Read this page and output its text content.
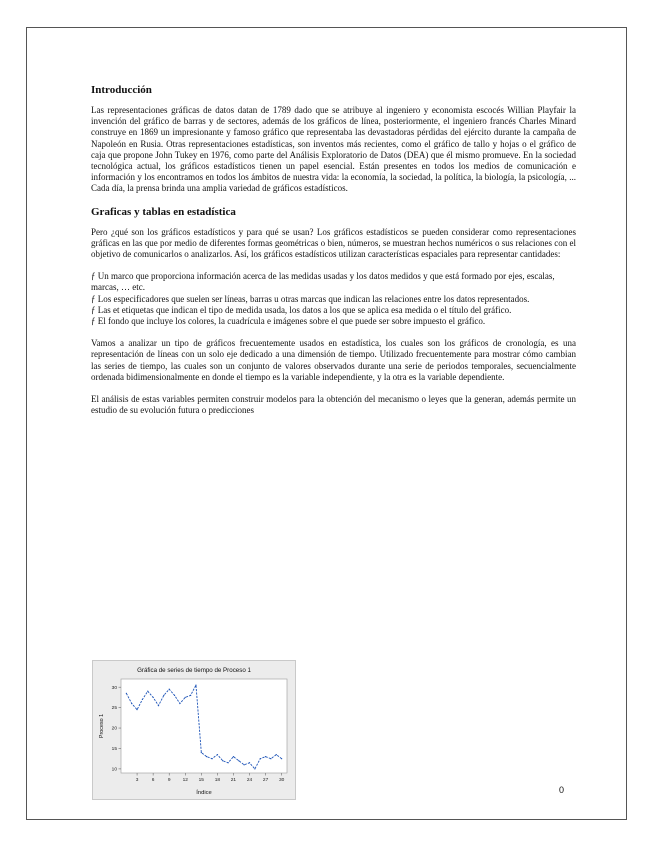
Introducción

Las representaciones gráficas de datos datan de 1789 dado que se atribuye al ingeniero y economista escocés Willian Playfair la invención del gráfico de barras y de sectores, además de los gráficos de línea, posteriormente, el ingeniero francés Charles Minard construye en 1869 un impresionante y famoso gráfico que representaba las devastadoras pérdidas del ejército durante la campaña de Napoleón en Rusia. Otras representaciones estadísticas, son inventos más recientes, como el gráfico de tallo y hojas o el gráfico de caja que propone John Tukey en 1976, como parte del Análisis Exploratorio de Datos (DEA) que él mismo promueve. En la sociedad tecnológica actual, los gráficos estadísticos tienen un papel esencial. Están presentes en todos los medios de comunicación e información y los encontramos en todos los ámbitos de nuestra vida: la economía, la sociedad, la política, la biología, la psicología, ... Cada día, la prensa brinda una amplia variedad de gráficos estadísticos.

Graficas y tablas en estadística

Pero ¿qué son los gráficos estadísticos y para qué se usan? Los gráficos estadísticos se pueden considerar como representaciones gráficas en las que por medio de diferentes formas geométricas o bien, números, se muestran hechos numéricos o sus relaciones con el objetivo de comunicarlos o analizarlos. Así, los gráficos estadísticos utilizan características espaciales para representar cantidades:

ƒ Un marco que proporciona información acerca de las medidas usadas y los datos medidos y que está formado por ejes, escalas, marcas, … etc.

ƒ Los especificadores que suelen ser líneas, barras u otras marcas que indican las relaciones entre los datos representados.

ƒ Las et etiquetas que indican el tipo de medida usada, los datos a los que se aplica esa medida o el título del gráfico.

ƒ El fondo que incluye los colores, la cuadrícula e imágenes sobre el que puede ser sobre impuesto el gráfico.

Vamos a analizar un tipo de gráficos frecuentemente usados en estadística, los cuales son los gráficos de cronología, es una representación de líneas con un solo eje dedicado a una dimensión de tiempo. Utilizado frecuentemente para mostrar cómo cambian las series de tiempo, las cuales son un conjunto de valores observados durante una serie de periodos temporales, secuencialmente ordenada bidimensionalmente en donde el tiempo es la variable independiente, y la otra es la variable dependiente.

El análisis de estas variables permiten construir modelos para la obtención del mecanismo o leyes que la generan, además permite un estudio de su evolución futura o predicciones

Gráfica de series de tiempo de Proceso 1
Índice
Proceso 1
3	6	9	12 15 18 21 24 27 30
10
15
20
25
30
0
